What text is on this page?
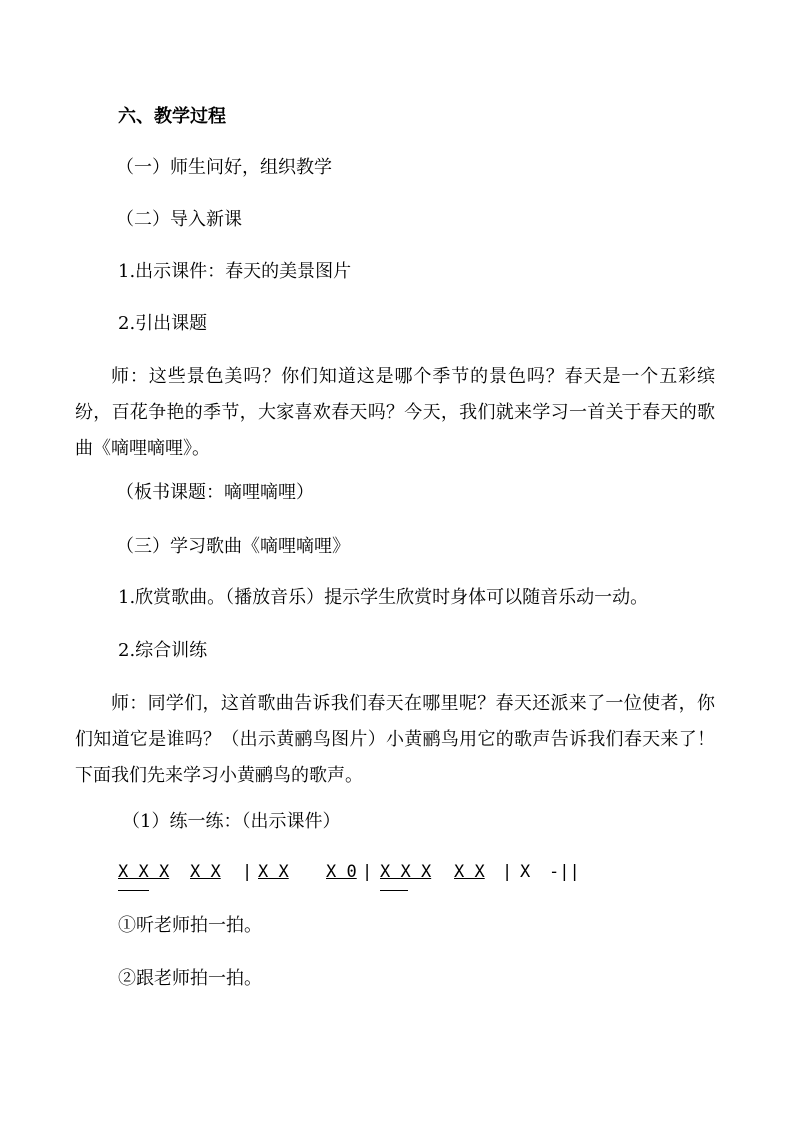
六、教学过程
（一）师生问好，组织教学
（二）导入新课
1.出示课件：春天的美景图片
2.引出课题
师：这些景色美吗？你们知道这是哪个季节的景色吗？春天是一个五彩缤纷，百花争艳的季节，大家喜欢春天吗？今天，我们就来学习一首关于春天的歌曲《嘀哩嘀哩》。
（板书课题：嘀哩嘀哩）
（三）学习歌曲《嘀哩嘀哩》
1.欣赏歌曲。（播放音乐）提示学生欣赏时身体可以随音乐动一动。
2.综合训练
师：同学们，这首歌曲告诉我们春天在哪里呢？春天还派来了一位使者，你们知道它是谁吗？（出示黄鹂鸟图片）小黄鹂鸟用它的歌声告诉我们春天来了！下面我们先来学习小黄鹂鸟的歌声。
（1）练一练：（出示课件）
X X X X X | X X X 0 | X X X X X | X -||
①听老师拍一拍。
②跟老师拍一拍。
